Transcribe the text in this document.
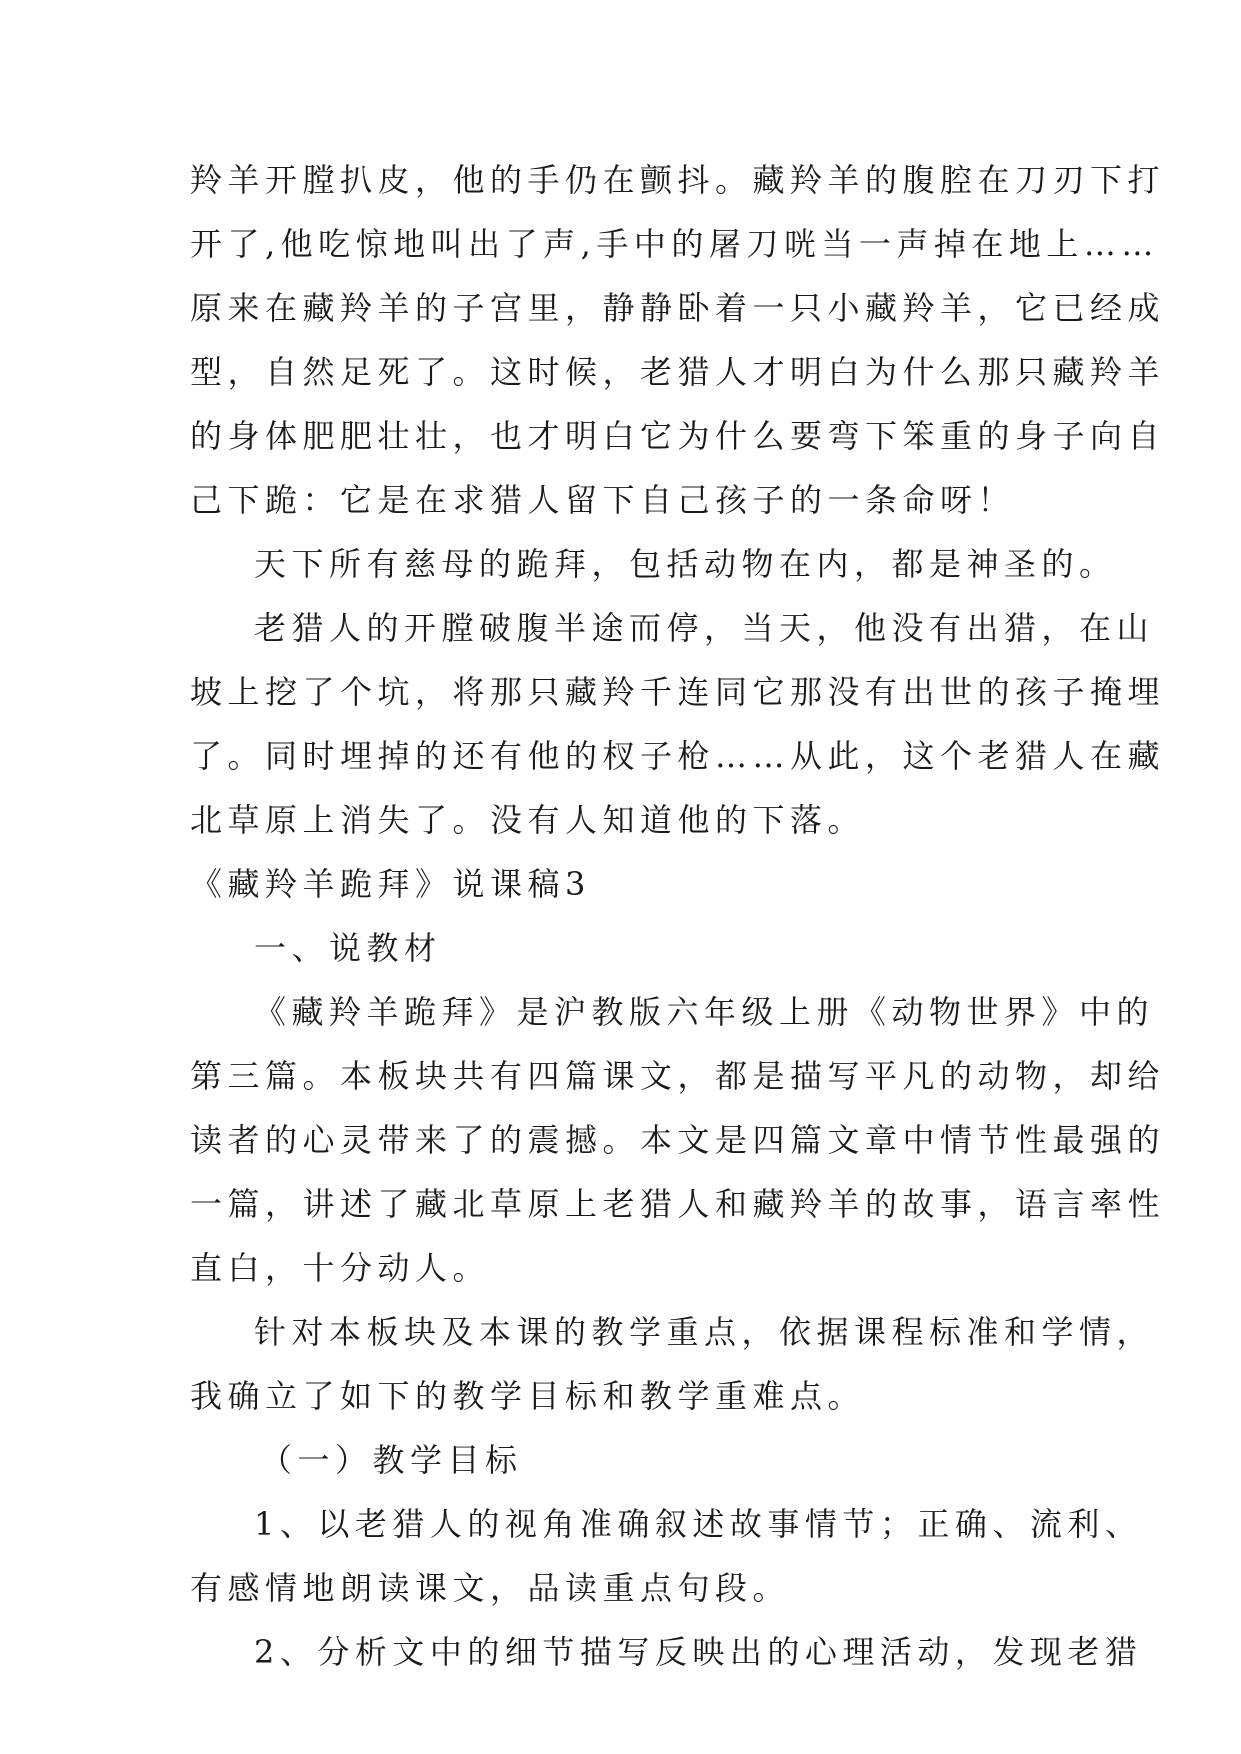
羚羊开膛扒皮，他的手仍在颤抖。藏羚羊的腹腔在刀刃下打
开了,他吃惊地叫出了声,手中的屠刀咣当一声掉在地上……
原来在藏羚羊的子宫里，静静卧着一只小藏羚羊，它已经成
型，自然足死了。这时候，老猎人才明白为什么那只藏羚羊
的身体肥肥壮壮，也才明白它为什么要弯下笨重的身子向自
己下跪：它是在求猎人留下自己孩子的一条命呀！
天下所有慈母的跪拜，包括动物在内，都是神圣的。
老猎人的开膛破腹半途而停，当天，他没有出猎，在山
坡上挖了个坑，将那只藏羚千连同它那没有出世的孩子掩埋
了。同时埋掉的还有他的杈子枪……从此，这个老猎人在藏
北草原上消失了。没有人知道他的下落。
《藏羚羊跪拜》说课稿3
一、说教材
《藏羚羊跪拜》是沪教版六年级上册《动物世界》中的
第三篇。本板块共有四篇课文，都是描写平凡的动物，却给
读者的心灵带来了的震撼。本文是四篇文章中情节性最强的
一篇，讲述了藏北草原上老猎人和藏羚羊的故事，语言率性
直白，十分动人。
针对本板块及本课的教学重点，依据课程标准和学情，
我确立了如下的教学目标和教学重难点。
（一）教学目标
1、以老猎人的视角准确叙述故事情节；正确、流利、
有感情地朗读课文，品读重点句段。
2、分析文中的细节描写反映出的心理活动，发现老猎
